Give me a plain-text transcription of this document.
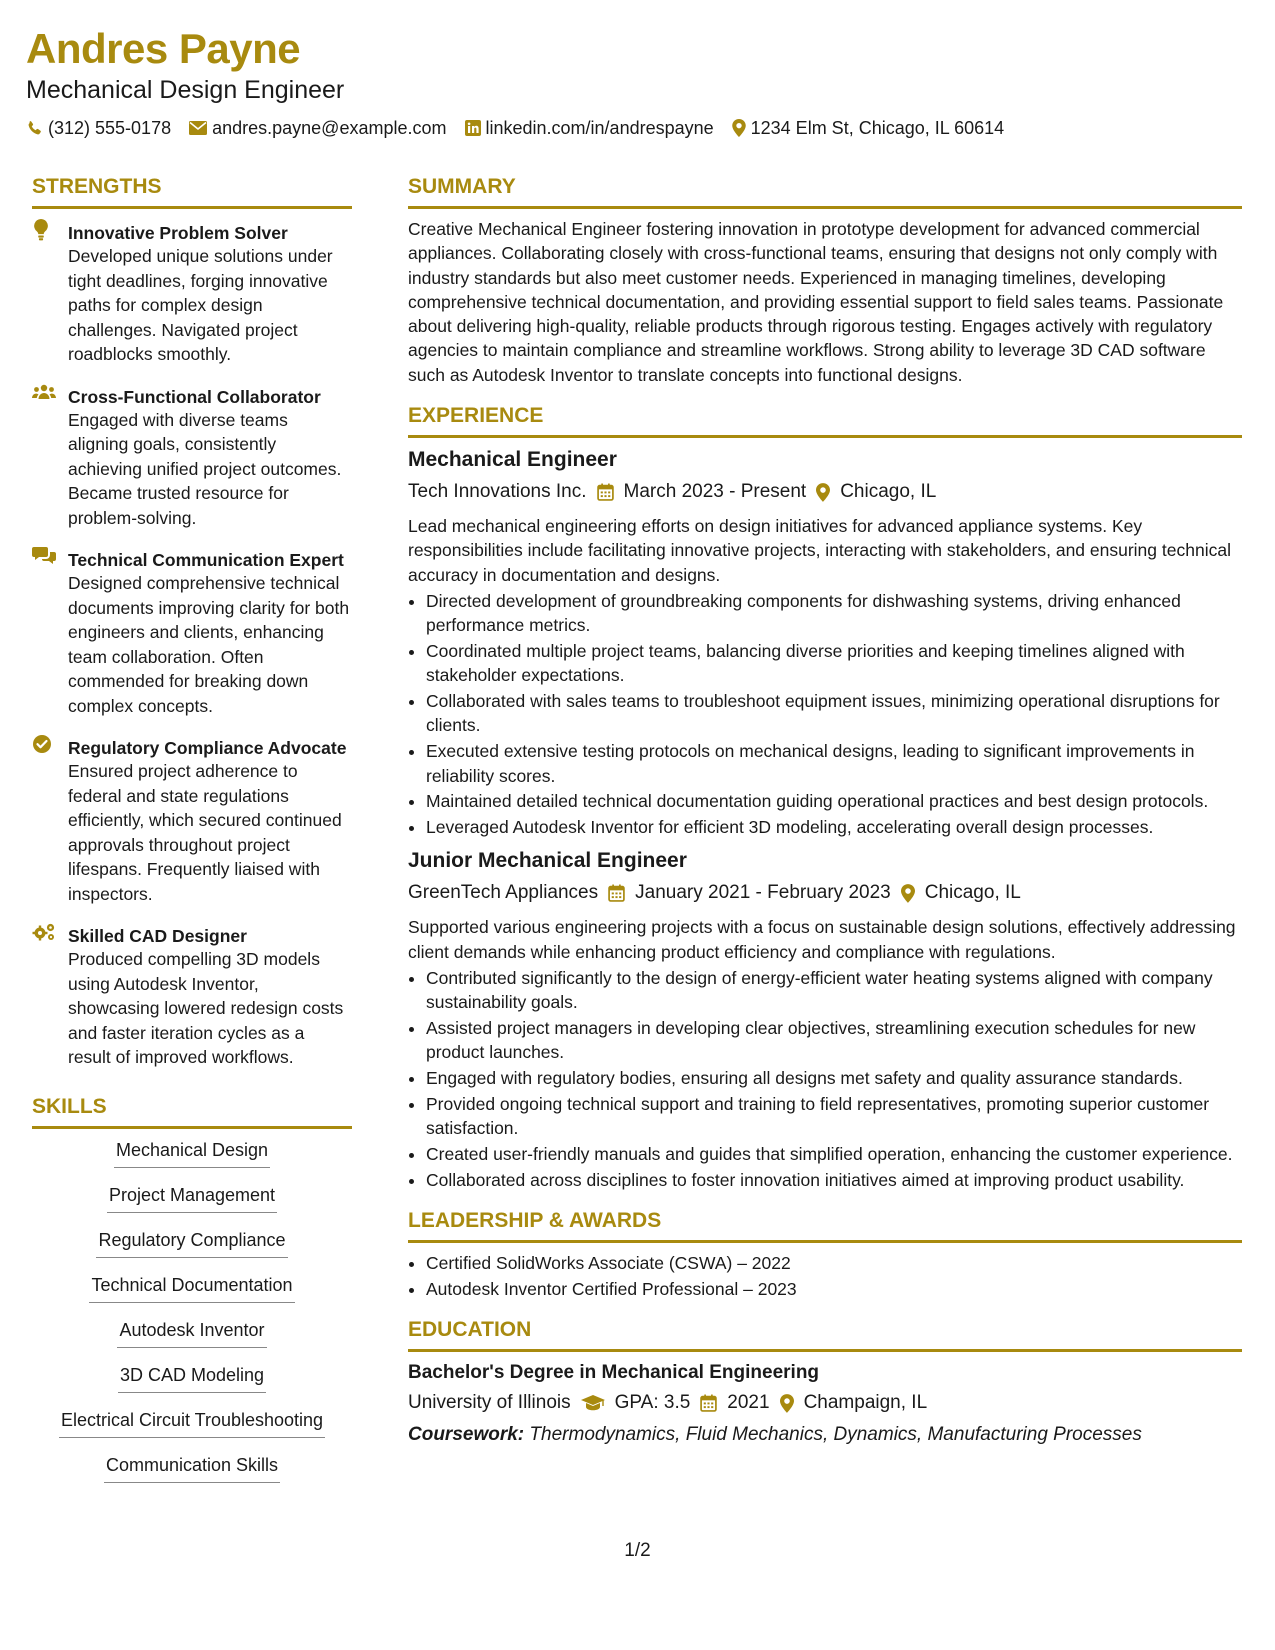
Andres Payne
Mechanical Design Engineer
(312) 555-0178 andres.payne@example.com linkedin.com/in/andrespayne 1234 Elm St, Chicago, IL 60614
STRENGTHS
Innovative Problem Solver
Developed unique solutions under tight deadlines, forging innovative paths for complex design challenges. Navigated project roadblocks smoothly.
Cross-Functional Collaborator
Engaged with diverse teams aligning goals, consistently achieving unified project outcomes. Became trusted resource for problem-solving.
Technical Communication Expert
Designed comprehensive technical documents improving clarity for both engineers and clients, enhancing team collaboration. Often commended for breaking down complex concepts.
Regulatory Compliance Advocate
Ensured project adherence to federal and state regulations efficiently, which secured continued approvals throughout project lifespans. Frequently liaised with inspectors.
Skilled CAD Designer
Produced compelling 3D models using Autodesk Inventor, showcasing lowered redesign costs and faster iteration cycles as a result of improved workflows.
SKILLS
Mechanical Design
Project Management
Regulatory Compliance
Technical Documentation
Autodesk Inventor
3D CAD Modeling
Electrical Circuit Troubleshooting
Communication Skills
SUMMARY
Creative Mechanical Engineer fostering innovation in prototype development for advanced commercial appliances. Collaborating closely with cross-functional teams, ensuring that designs not only comply with industry standards but also meet customer needs. Experienced in managing timelines, developing comprehensive technical documentation, and providing essential support to field sales teams. Passionate about delivering high-quality, reliable products through rigorous testing. Engages actively with regulatory agencies to maintain compliance and streamline workflows. Strong ability to leverage 3D CAD software such as Autodesk Inventor to translate concepts into functional designs.
EXPERIENCE
Mechanical Engineer
Tech Innovations Inc. March 2023 - Present Chicago, IL
Lead mechanical engineering efforts on design initiatives for advanced appliance systems. Key responsibilities include facilitating innovative projects, interacting with stakeholders, and ensuring technical accuracy in documentation and designs.
• Directed development of groundbreaking components for dishwashing systems, driving enhanced performance metrics.
• Coordinated multiple project teams, balancing diverse priorities and keeping timelines aligned with stakeholder expectations.
• Collaborated with sales teams to troubleshoot equipment issues, minimizing operational disruptions for clients.
• Executed extensive testing protocols on mechanical designs, leading to significant improvements in reliability scores.
• Maintained detailed technical documentation guiding operational practices and best design protocols.
• Leveraged Autodesk Inventor for efficient 3D modeling, accelerating overall design processes.
Junior Mechanical Engineer
GreenTech Appliances January 2021 - February 2023 Chicago, IL
Supported various engineering projects with a focus on sustainable design solutions, effectively addressing client demands while enhancing product efficiency and compliance with regulations.
• Contributed significantly to the design of energy-efficient water heating systems aligned with company sustainability goals.
• Assisted project managers in developing clear objectives, streamlining execution schedules for new product launches.
• Engaged with regulatory bodies, ensuring all designs met safety and quality assurance standards.
• Provided ongoing technical support and training to field representatives, promoting superior customer satisfaction.
• Created user-friendly manuals and guides that simplified operation, enhancing the customer experience.
• Collaborated across disciplines to foster innovation initiatives aimed at improving product usability.
LEADERSHIP & AWARDS
• Certified SolidWorks Associate (CSWA) – 2022
• Autodesk Inventor Certified Professional – 2023
EDUCATION
Bachelor's Degree in Mechanical Engineering
University of Illinois GPA: 3.5 2021 Champaign, IL
Coursework: Thermodynamics, Fluid Mechanics, Dynamics, Manufacturing Processes
1/2
